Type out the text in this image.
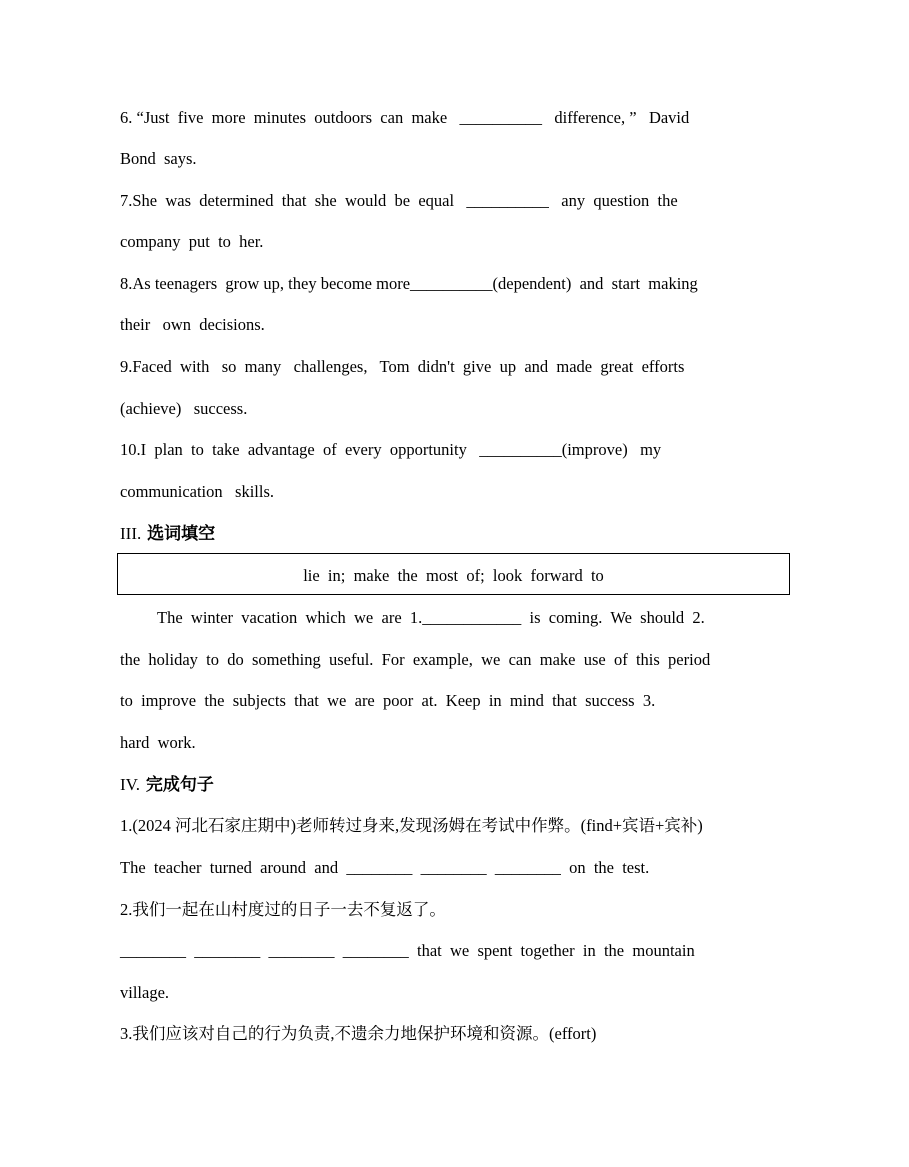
6. “Just  five  more  minutes  outdoors  can  make   __________   difference, ”   David
Bond  says.
7.She  was  determined  that  she  would  be  equal   __________   any  question  the
company  put  to  her.
8.As teenagers  grow up, they become more__________(dependent)  and  start  making
their   own  decisions.
9.Faced  with   so  many   challenges,   Tom  didn't  give  up  and  made  great  efforts
(achieve)   success.
10.I  plan  to  take  advantage  of  every  opportunity   __________(improve)   my
communication   skills.
III. 选词填空
lie  in;  make  the  most  of;  look  forward  to
The  winter  vacation  which  we  are  1.____________  is  coming.  We  should  2.
the  holiday  to  do  something  useful.  For  example,  we  can  make  use  of  this  period
to  improve  the  subjects  that  we  are  poor  at.  Keep  in  mind  that  success  3.
hard  work.
IV. 完成句子
1.(2024 河北石家庄期中)老师转过身来,发现汤姆在考试中作弊。(find+宾语+宾补)
The  teacher  turned  around  and  ________  ________  ________  on  the  test.
2.我们一起在山村度过的日子一去不复返了。
________  ________  ________  ________  that  we  spent  together  in  the  mountain
village.
3.我们应该对自己的行为负责,不遗余力地保护环境和资源。(effort)
